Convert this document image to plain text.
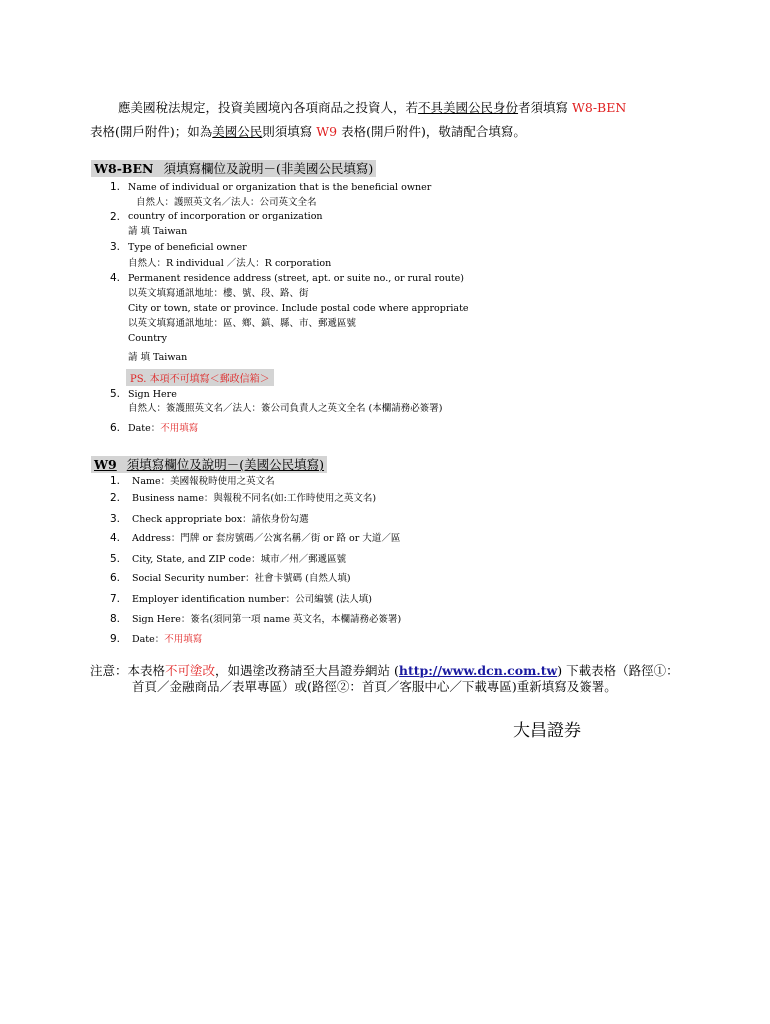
應美國稅法規定，投資美國境內各項商品之投資人，若不具美國公民身份者須填寫 W8-BEN
表格(開戶附件)；如為美國公民則須填寫 W9 表格(開戶附件)，敬請配合填寫。
W8-BEN 須填寫欄位及說明－(非美國公民填寫)
1. Name of individual or organization that is the beneficial owner
自然人：護照英文名／法人：公司英文全名
2. country of incorporation or organization
請 填 Taiwan
3. Type of beneficial owner
自然人：R individual ／法人：R corporation
4. Permanent residence address (street, apt. or suite no., or rural route)
以英文填寫通訊地址：樓、號、段、路、街
City or town, state or province. Include postal code where appropriate
以英文填寫通訊地址：區、鄉、鎮、縣、市、郵遞區號
Country
請 填 Taiwan
PS. 本項不可填寫＜郵政信箱＞
5. Sign Here
自然人：簽護照英文名／法人：簽公司負責人之英文全名 (本欄請務必簽署)
6. Date：不用填寫
W9 須填寫欄位及說明－(美國公民填寫)
1. Name：美國報稅時使用之英文名
2. Business name：與報稅不同名(如:工作時使用之英文名)
3. Check appropriate box：請依身份勾選
4. Address：門牌 or 套房號碼／公寓名稱／街 or 路 or 大道／區
5. City, State, and ZIP code：城市／州／郵遞區號
6. Social Security number：社會卡號碼 (自然人填)
7. Employer identification number：公司編號 (法人填)
8. Sign Here：簽名(須同第一項 name 英文名，本欄請務必簽署)
9. Date：不用填寫
注意：本表格不可塗改，如遇塗改務請至大昌證券網站 (http://www.dcn.com.tw) 下載表格（路徑①：
首頁／金融商品／表單專區）或(路徑②：首頁／客服中心／下載專區)重新填寫及簽署。
大昌證券
